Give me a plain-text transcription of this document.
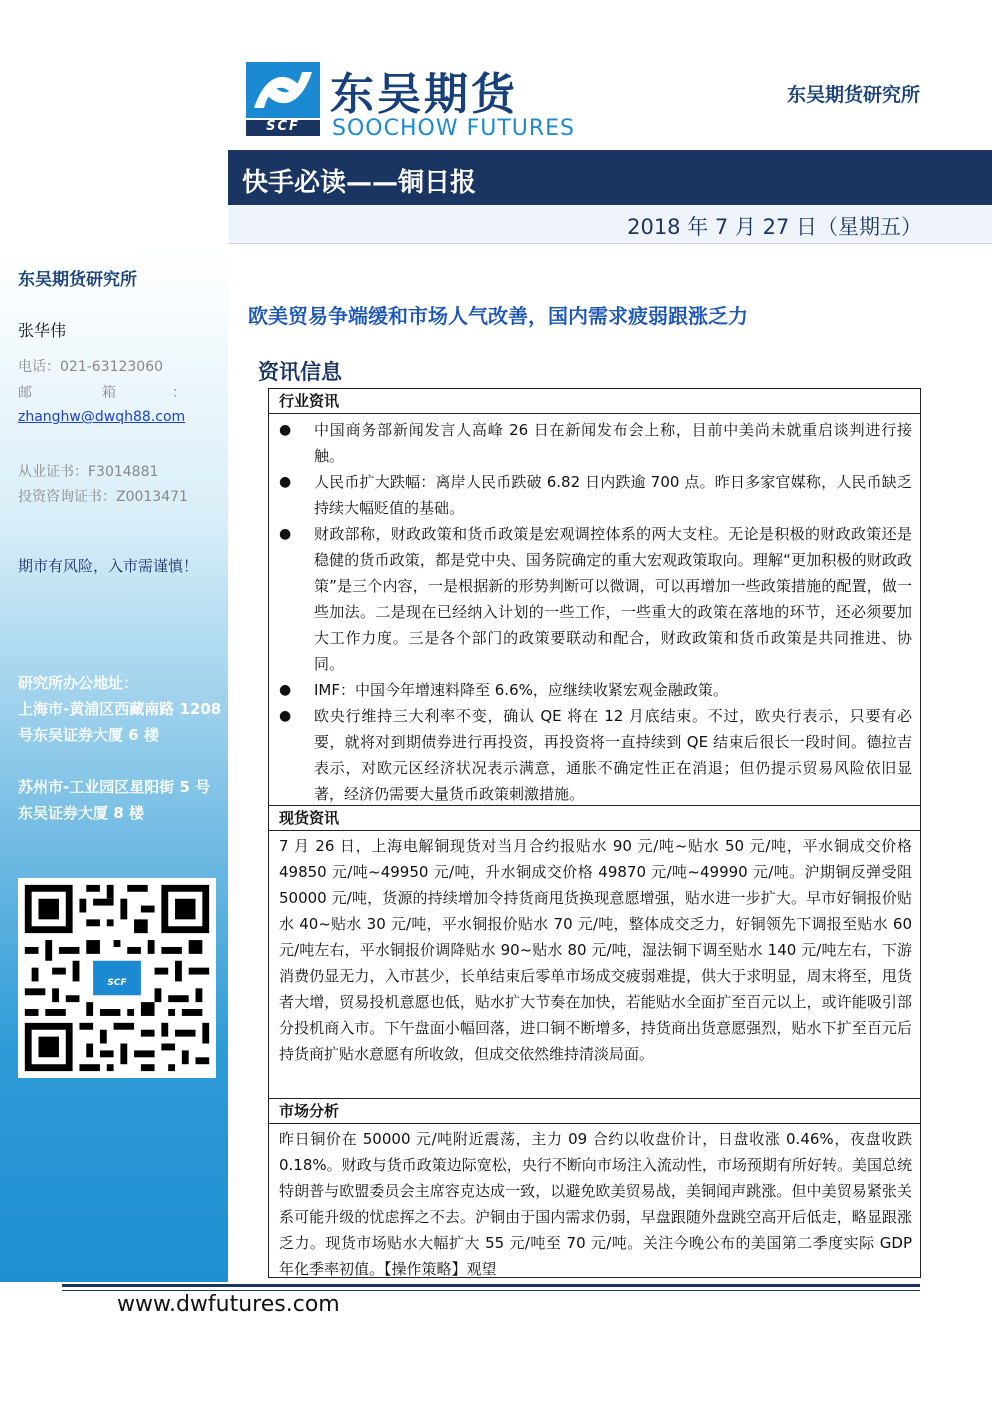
东吴期货研究所
张华伟
电话：021-63123060
邮　　　　　箱　　　　：
zhanghw@dwqh88.com
从业证书：F3014881
投资咨询证书：Z0013471
期市有风险，入市需谨慎！
研究所办公地址：
上海市-黄浦区西藏南路 1208 号东吴证券大厦 6 楼
苏州市-工业园区星阳街 5 号东吴证券大厦 8 楼
SCF
SCF
东吴期货
SOOCHOW FUTURES
东吴期货研究所
快手必读——铜日报
2018 年 7 月 27 日（星期五）
欧美贸易争端缓和市场人气改善，国内需求疲弱跟涨乏力
资讯信息
行业资讯
● 中国商务部新闻发言人高峰 26 日在新闻发布会上称，目前中美尚未就重启谈判进行接触。
● 人民币扩大跌幅：离岸人民币跌破 6.82 日内跌逾 700 点。昨日多家官媒称，人民币缺乏持续大幅贬值的基础。
● 财政部称，财政政策和货币政策是宏观调控体系的两大支柱。无论是积极的财政政策还是稳健的货币政策，都是党中央、国务院确定的重大宏观政策取向。理解“更加积极的财政政策”是三个内容，一是根据新的形势判断可以微调，可以再增加一些政策措施的配置，做一些加法。二是现在已经纳入计划的一些工作，一些重大的政策在落地的环节，还必须要加大工作力度。三是各个部门的政策要联动和配合，财政政策和货币政策是共同推进、协同。
● IMF：中国今年增速料降至 6.6%，应继续收紧宏观金融政策。
● 欧央行维持三大利率不变，确认 QE 将在 12 月底结束。不过，欧央行表示，只要有必要，就将对到期债券进行再投资，再投资将一直持续到 QE 结束后很长一段时间。德拉吉表示，对欧元区经济状况表示满意，通胀不确定性正在消退；但仍提示贸易风险依旧显著，经济仍需要大量货币政策刺激措施。
现货资讯

7 月 26 日，上海电解铜现货对当月合约报贴水 90 元/吨~贴水 50 元/吨，平水铜成交价格 49850 元/吨~49950 元/吨，升水铜成交价格 49870 元/吨~49990 元/吨。沪期铜反弹受阻 50000 元/吨，货源的持续增加令持货商甩货换现意愿增强，贴水进一步扩大。早市好铜报价贴水 40~贴水 30 元/吨，平水铜报价贴水 70 元/吨，整体成交乏力，好铜领先下调报至贴水 60 元/吨左右，平水铜报价调降贴水 90~贴水 80 元/吨，湿法铜下调至贴水 140 元/吨左右，下游消费仍显无力，入市甚少，长单结束后零单市场成交疲弱难提，供大于求明显，周末将至，甩货者大增，贸易投机意愿也低，贴水扩大节奏在加快，若能贴水全面扩至百元以上，或许能吸引部分投机商入市。下午盘面小幅回落，进口铜不断增多，持货商出货意愿强烈，贴水下扩至百元后持货商扩贴水意愿有所收敛，但成交依然维持清淡局面。

市场分析

昨日铜价在 50000 元/吨附近震荡，主力 09 合约以收盘价计，日盘收涨 0.46%，夜盘收跌 0.18%。财政与货币政策边际宽松，央行不断向市场注入流动性，市场预期有所好转。美国总统特朗普与欧盟委员会主席容克达成一致，以避免欧美贸易战，美铜闻声跳涨。但中美贸易紧张关系可能升级的忧虑挥之不去。沪铜由于国内需求仍弱，早盘跟随外盘跳空高开后低走，略显跟涨乏力。现货市场贴水大幅扩大 55 元/吨至 70 元/吨。关注今晚公布的美国第二季度实际 GDP 年化季率初值。【操作策略】观望

www.dwfutures.com
